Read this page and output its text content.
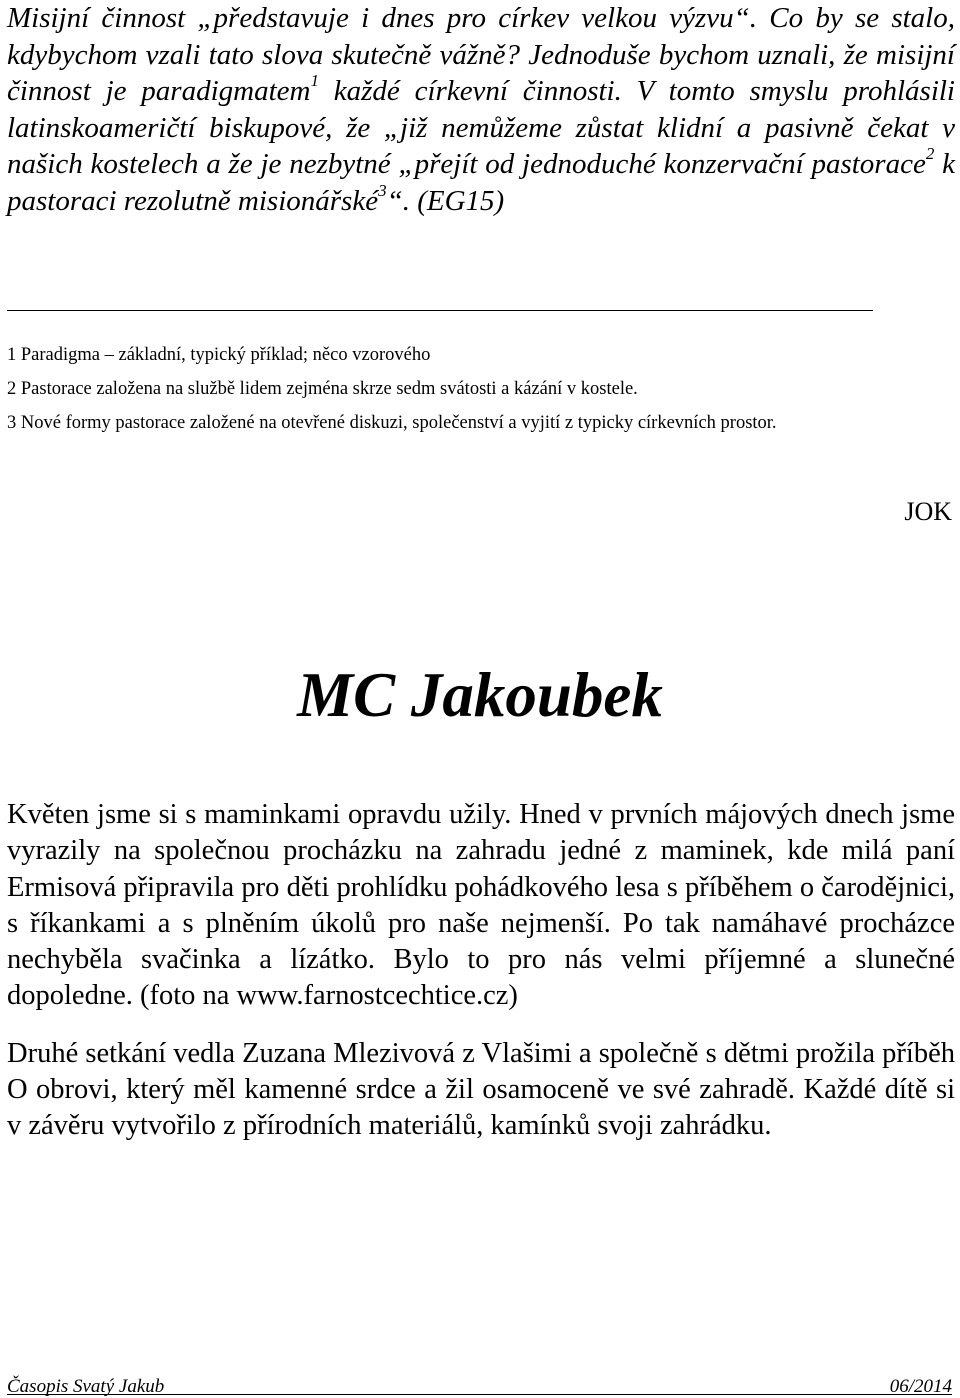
Misijní činnost „představuje i dnes pro církev velkou výzvu“. Co by se stalo, kdybychom vzali tato slova skutečně vážně? Jednoduše bychom uznali, že misijní činnost je paradigmatem$^1$ každé církevní činnosti. V tomto smyslu prohlásili latinskoameričtí biskupové, že „již nemůžeme zůstat klidní a pasivně čekat v našich kostelech a že je nezbytné „přejít od jednoduché konzervační pastorace$^2$ k pastoraci rezolutně misionářské$^3$“. (EG15)

1 Paradigma – základní, typický příklad; něco vzorového
2 Pastorace založena na službě lidem zejména skrze sedm svátosti a kázání v kostele.
3 Nové formy pastorace založené na otevřené diskuzi, společenství a vyjití z typicky církevních prostor.
JOK
MC Jakoubek

Květen jsme si s maminkami opravdu užily. Hned v prvních májových dnech jsme vyrazily na společnou procházku na zahradu jedné z maminek, kde milá paní Ermisová připravila pro děti prohlídku pohádkového lesa s příběhem o čarodějnici, s říkankami a s plněním úkolů pro naše nejmenší. Po tak namáhavé procházce nechyběla svačinka a lízátko. Bylo to pro nás velmi příjemné a slunečné dopoledne. (foto na www.farnostcechtice.cz)

Druhé setkání vedla Zuzana Mlezivová z Vlašimi a společně s dětmi prožila příběh O obrovi, který měl kamenné srdce a žil osamoceně ve své zahradě. Každé dítě si v závěru vytvořilo z přírodních materiálů, kamínků svoji zahrádku.

Časopis Svatý Jakub	06/2014
